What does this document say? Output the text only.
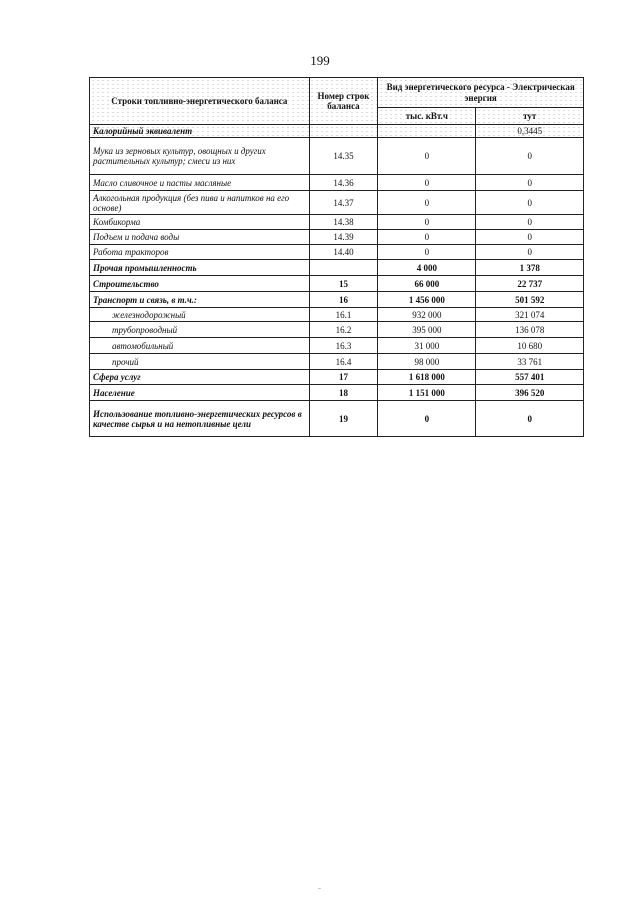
199
Строки топливно-энергетического баланса	Номер строк баланса	Вид энергетического ресурса - Электрическая энергия	
		тыс. кВт.ч	тут
Калорийный эквивалент			0,3445
Мука из зерновых культур, овощных и других растительных культур; смеси из них	14.35	0	0
Масло сливочное и пасты масляные	14.36	0	0
Алкогольная продукция (без пива и напитков на его основе)	14.37	0	0
Комбикорма	14.38	0	0
Подъем и подача воды	14.39	0	0
Работа тракторов	14.40	0	0
Прочая промышленность		4 000	1 378
Строительство	15	66 000	22 737
Транспорт и связь, в т.ч.:	16	1 456 000	501 592
железнодорожный	16.1	932 000	321 074
трубопроводный	16.2	395 000	136 078
автомобильный	16.3	31 000	10 680
прочий	16.4	98 000	33 761
Сфера услуг	17	1 618 000	557 401
Население	18	1 151 000	396 520
Использование топливно-энергетических ресурсов в качестве сырья и на нетопливные цели	19	0	0
